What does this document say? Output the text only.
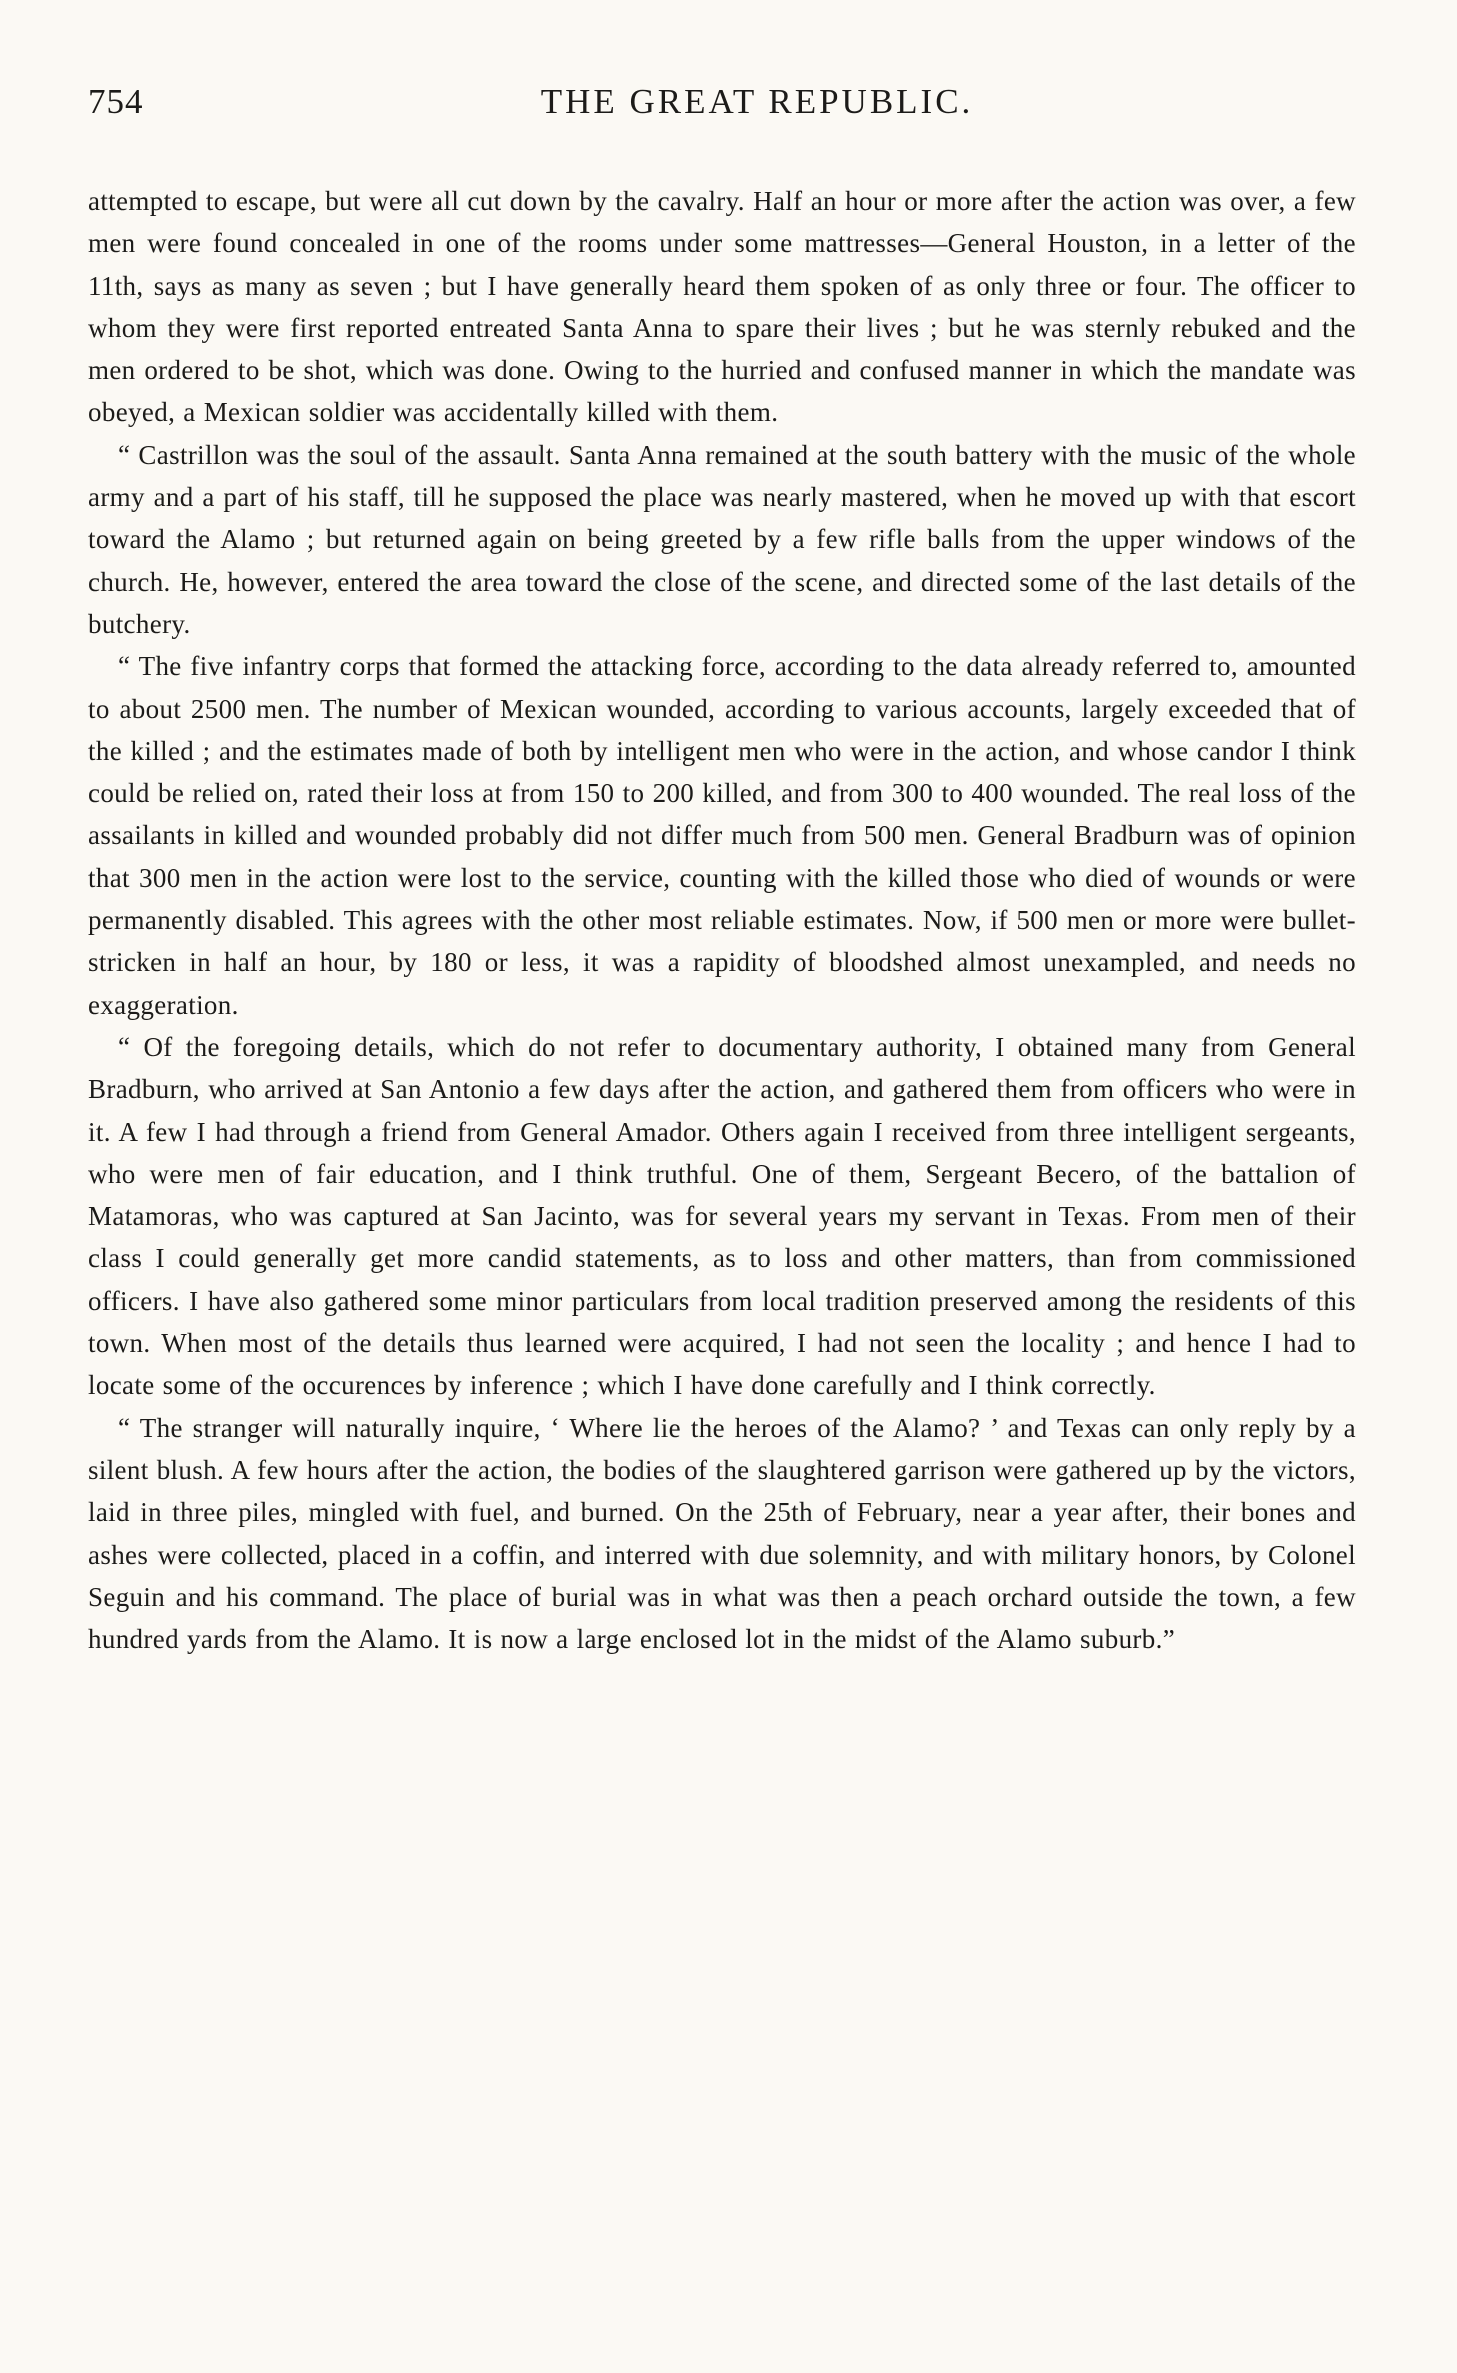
754	THE GREAT REPUBLIC.

attempted to escape, but were all cut down by the cavalry. Half an hour or more after the action was over, a few men were found concealed in one of the rooms under some mattresses—General Houston, in a letter of the 11th, says as many as seven ; but I have generally heard them spoken of as only three or four. The officer to whom they were first reported entreated Santa Anna to spare their lives ; but he was sternly rebuked and the men ordered to be shot, which was done. Owing to the hurried and confused manner in which the mandate was obeyed, a Mexican soldier was accidentally killed with them.

“ Castrillon was the soul of the assault. Santa Anna remained at the south battery with the music of the whole army and a part of his staff, till he supposed the place was nearly mastered, when he moved up with that escort toward the Alamo ; but returned again on being greeted by a few rifle balls from the upper windows of the church. He, however, entered the area toward the close of the scene, and directed some of the last details of the butchery.

“ The five infantry corps that formed the attacking force, according to the data already referred to, amounted to about 2500 men. The number of Mexican wounded, according to various accounts, largely exceeded that of the killed ; and the estimates made of both by intelligent men who were in the action, and whose candor I think could be relied on, rated their loss at from 150 to 200 killed, and from 300 to 400 wounded. The real loss of the assailants in killed and wounded probably did not differ much from 500 men. General Bradburn was of opinion that 300 men in the action were lost to the service, counting with the killed those who died of wounds or were permanently disabled. This agrees with the other most reliable estimates. Now, if 500 men or more were bullet-stricken in half an hour, by 180 or less, it was a rapidity of bloodshed almost unexampled, and needs no exaggeration.

“ Of the foregoing details, which do not refer to documentary authority, I obtained many from General Bradburn, who arrived at San Antonio a few days after the action, and gathered them from officers who were in it. A few I had through a friend from General Amador. Others again I received from three intelligent sergeants, who were men of fair education, and I think truthful. One of them, Sergeant Becero, of the battalion of Matamoras, who was captured at San Jacinto, was for several years my servant in Texas. From men of their class I could generally get more candid statements, as to loss and other matters, than from commissioned officers. I have also gathered some minor particulars from local tradition preserved among the residents of this town. When most of the details thus learned were acquired, I had not seen the locality ; and hence I had to locate some of the occurences by inference ; which I have done carefully and I think correctly.

“ The stranger will naturally inquire, ‘ Where lie the heroes of the Alamo? ’ and Texas can only reply by a silent blush. A few hours after the action, the bodies of the slaughtered garrison were gathered up by the victors, laid in three piles, mingled with fuel, and burned. On the 25th of February, near a year after, their bones and ashes were collected, placed in a coffin, and interred with due solemnity, and with military honors, by Colonel Seguin and his command. The place of burial was in what was then a peach orchard outside the town, a few hundred yards from the Alamo. It is now a large enclosed lot in the midst of the Alamo suburb.”
